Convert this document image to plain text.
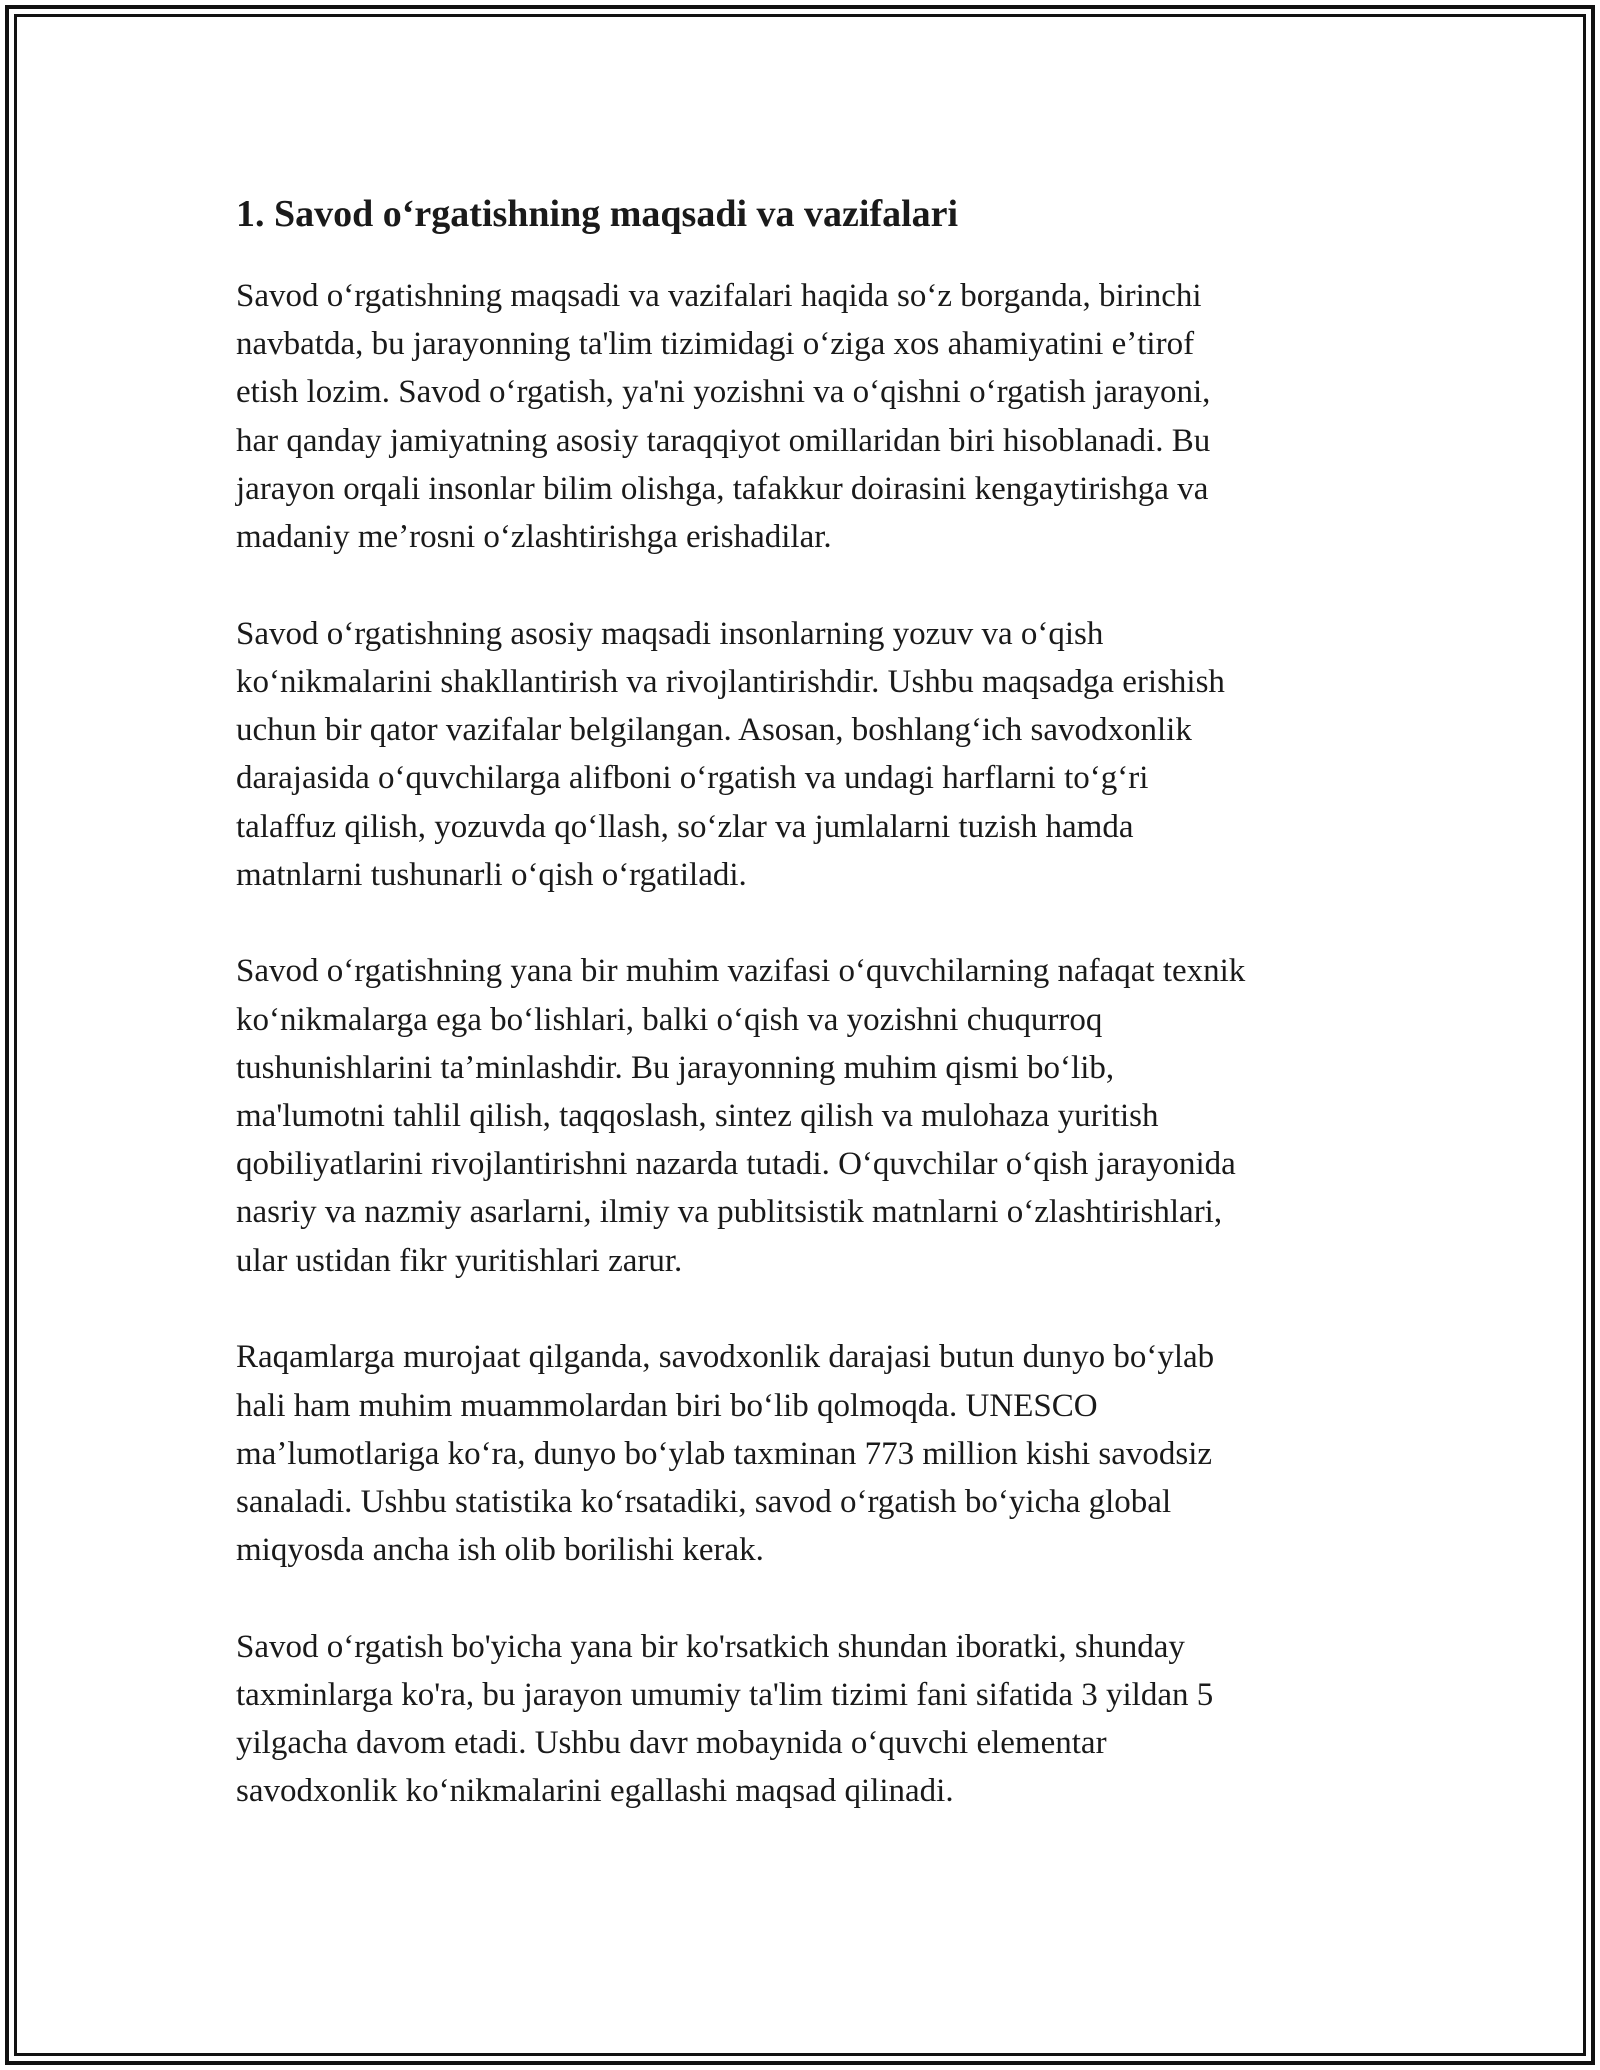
1. Savod oʻrgatishning maqsadi va vazifalari

Savod oʻrgatishning maqsadi va vazifalari haqida soʻz borganda, birinchi
navbatda, bu jarayonning ta'lim tizimidagi oʻziga xos ahamiyatini eʼtirof
etish lozim. Savod oʻrgatish, ya'ni yozishni va oʻqishni oʻrgatish jarayoni,
har qanday jamiyatning asosiy taraqqiyot omillaridan biri hisoblanadi. Bu
jarayon orqali insonlar bilim olishga, tafakkur doirasini kengaytirishga va
madaniy meʼrosni oʻzlashtirishga erishadilar.

Savod oʻrgatishning asosiy maqsadi insonlarning yozuv va oʻqish
koʻnikmalarini shakllantirish va rivojlantirishdir. Ushbu maqsadga erishish
uchun bir qator vazifalar belgilangan. Asosan, boshlangʻich savodxonlik
darajasida oʻquvchilarga alifboni oʻrgatish va undagi harflarni toʻgʻri
talaffuz qilish, yozuvda qoʻllash, soʻzlar va jumlalarni tuzish hamda
matnlarni tushunarli oʻqish oʻrgatiladi.

Savod oʻrgatishning yana bir muhim vazifasi oʻquvchilarning nafaqat texnik
koʻnikmalarga ega boʻlishlari, balki oʻqish va yozishni chuqurroq
tushunishlarini taʼminlashdir. Bu jarayonning muhim qismi boʻlib,
ma'lumotni tahlil qilish, taqqoslash, sintez qilish va mulohaza yuritish
qobiliyatlarini rivojlantirishni nazarda tutadi. Oʻquvchilar oʻqish jarayonida
nasriy va nazmiy asarlarni, ilmiy va publitsistik matnlarni oʻzlashtirishlari,
ular ustidan fikr yuritishlari zarur.

Raqamlarga murojaat qilganda, savodxonlik darajasi butun dunyo boʻylab
hali ham muhim muammolardan biri boʻlib qolmoqda. UNESCO
maʼlumotlariga koʻra, dunyo boʻylab taxminan 773 million kishi savodsiz
sanaladi. Ushbu statistika koʻrsatadiki, savod oʻrgatish boʻyicha global
miqyosda ancha ish olib borilishi kerak.

Savod oʻrgatish bo'yicha yana bir ko'rsatkich shundan iboratki, shunday
taxminlarga ko'ra, bu jarayon umumiy ta'lim tizimi fani sifatida 3 yildan 5
yilgacha davom etadi. Ushbu davr mobaynida oʻquvchi elementar
savodxonlik koʻnikmalarini egallashi maqsad qilinadi.
